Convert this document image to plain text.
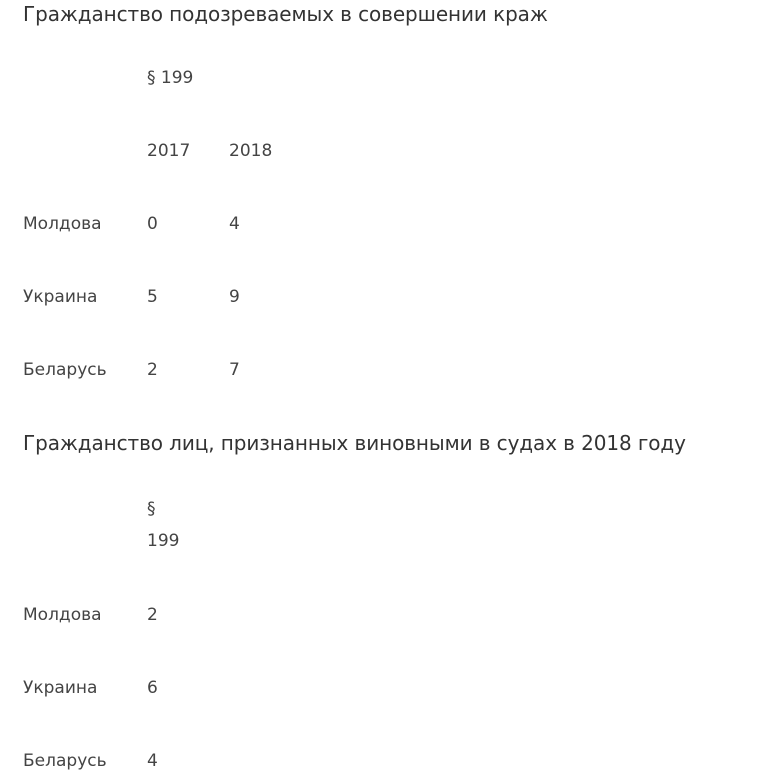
Гражданство подозреваемых в совершении краж
§ 199
2017 2018
Молдова	0	4
Украина	5	9
Беларусь 2	7
Гражданство лиц, признанных виновными в судах в 2018 году
§
199
Молдова	2
Украина	6
Беларусь 4
